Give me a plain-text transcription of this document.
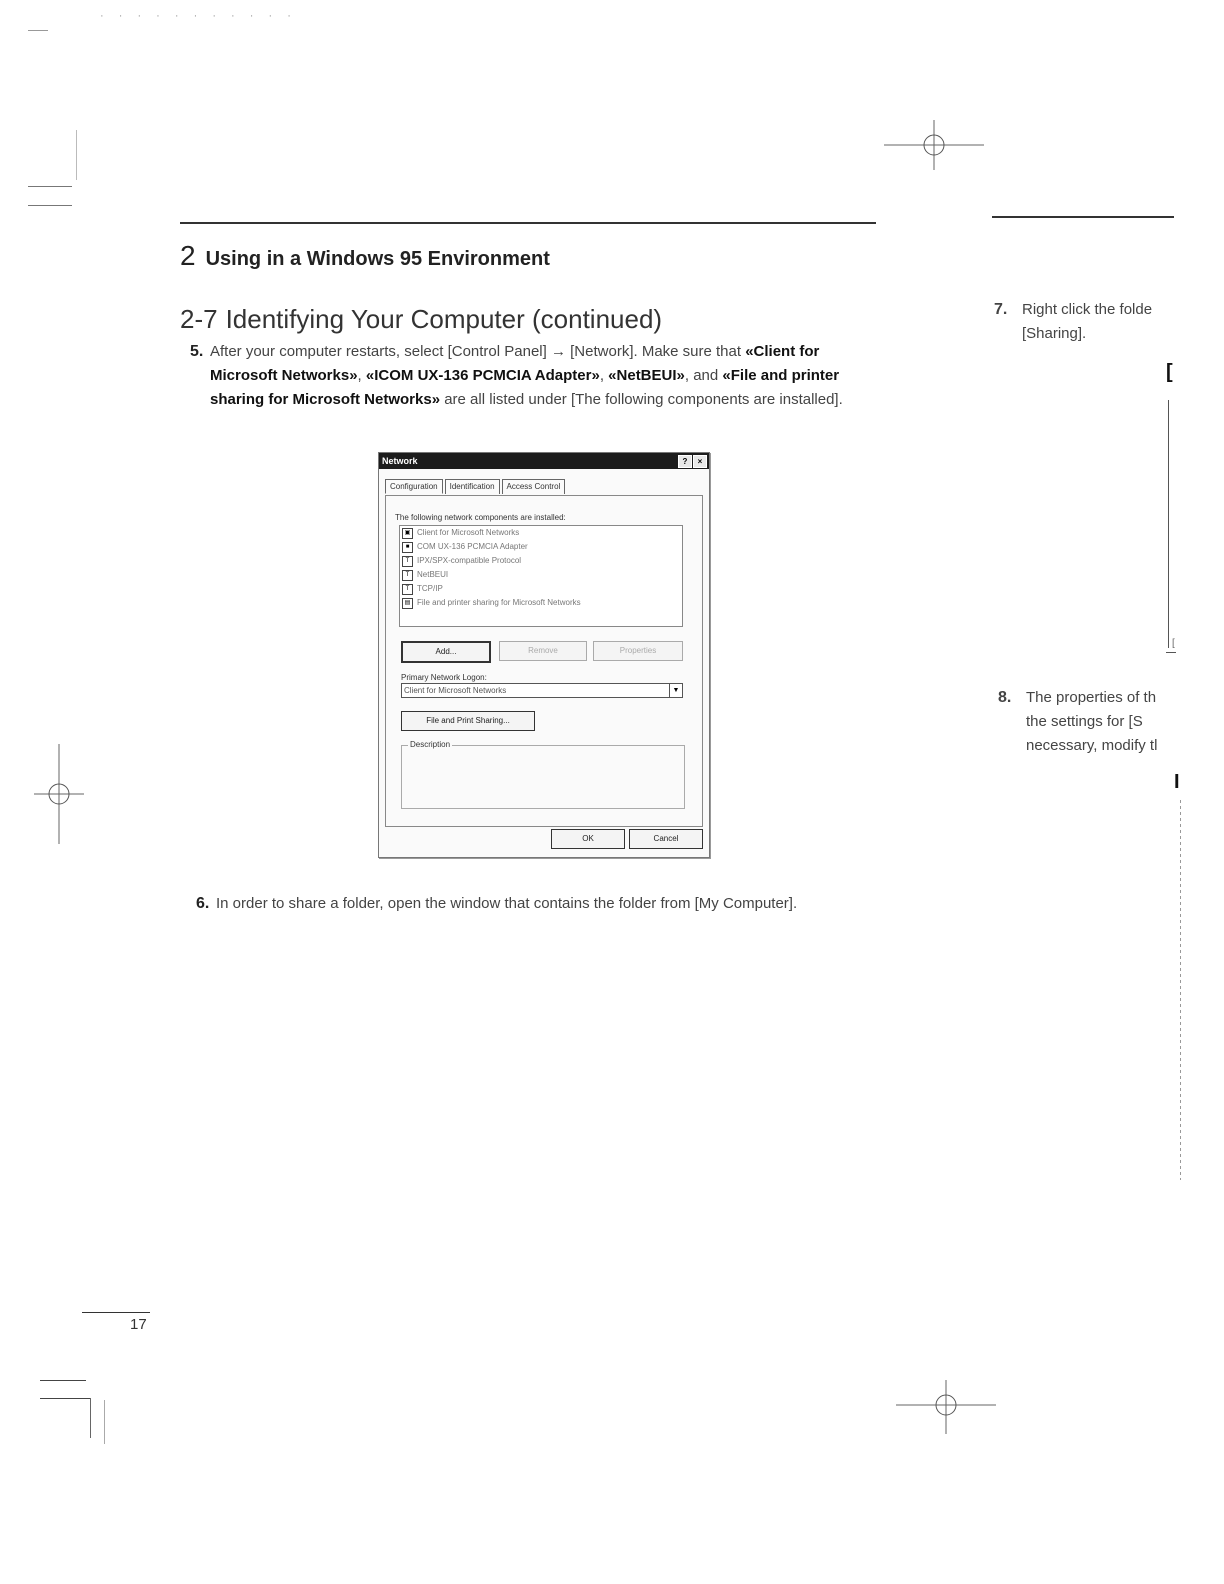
· · · · · · · · · · ·
2 Using in a Windows 95 Environment
2-7 Identifying Your Computer (continued)
5. After your computer restarts, select [Control Panel] → [Network]. Make sure that «Client for Microsoft Networks», «ICOM UX-136 PCMCIA Adapter», «NetBEUI», and «File and printer sharing for Microsoft Networks» are all listed under [The following components are installed].
Network	?	×
Configuration	Identification	Access Control
The following network components are installed:
▣ Client for Microsoft Networks
■ COM UX-136 PCMCIA Adapter
T IPX/SPX-compatible Protocol
T NetBEUI
T TCP/IP
▤ File and printer sharing for Microsoft Networks
Add...	Remove	Properties
Primary Network Logon:
Client for Microsoft Networks	▼
File and Print Sharing...
Description
OK	Cancel
6. In order to share a folder, open the window that contains the folder from [My Computer].
17
7. Right click the folde
[Sharing].
[
[
8. The properties of th
the settings for [S
necessary, modify tl
I
